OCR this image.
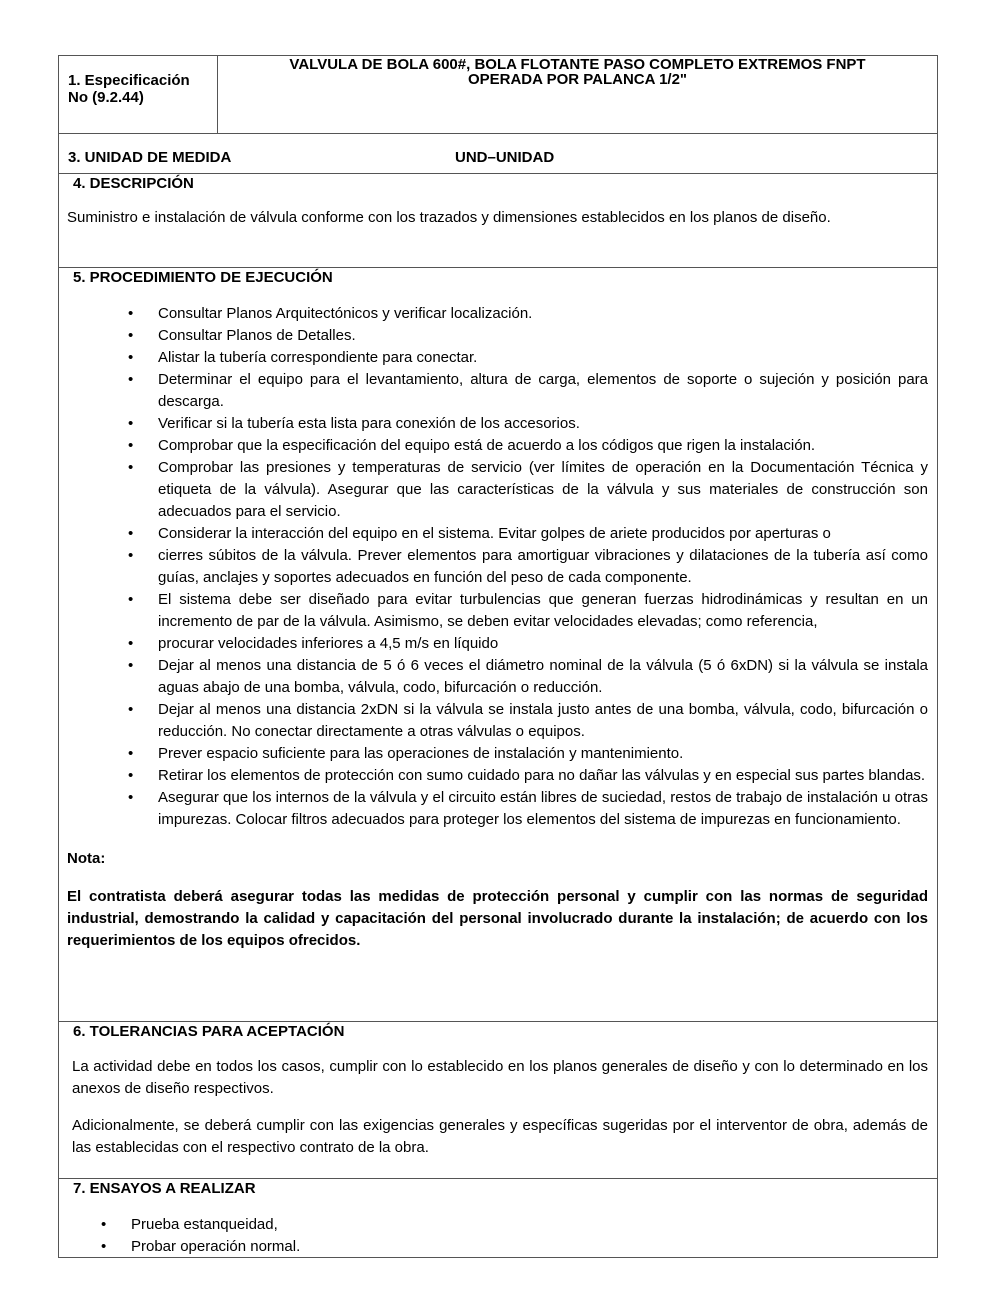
1. Especificación
No (9.2.44)
VALVULA DE BOLA 600#, BOLA FLOTANTE PASO COMPLETO EXTREMOS FNPT
OPERADA POR PALANCA 1/2"
3. UNIDAD DE MEDIDA	UND–UNIDAD
4. DESCRIPCIÓN
Suministro e instalación de válvula conforme con los trazados y dimensiones establecidos en los planos de diseño.
5. PROCEDIMIENTO DE EJECUCIÓN
• Consultar Planos Arquitectónicos y verificar localización.
• Consultar Planos de Detalles.
• Alistar la tubería correspondiente para conectar.
• Determinar el equipo para el levantamiento, altura de carga, elementos de soporte o sujeción y posición para descarga.
• Verificar si la tubería esta lista para conexión de los accesorios.
• Comprobar que la especificación del equipo está de acuerdo a los códigos que rigen la instalación.
• Comprobar las presiones y temperaturas de servicio (ver límites de operación en la Documentación Técnica y etiqueta de la válvula). Asegurar que las características de la válvula y sus materiales de construcción son adecuados para el servicio.
• Considerar la interacción del equipo en el sistema. Evitar golpes de ariete producidos por aperturas o
• cierres súbitos de la válvula. Prever elementos para amortiguar vibraciones y dilataciones de la tubería así como guías, anclajes y soportes adecuados en función del peso de cada componente.
• El sistema debe ser diseñado para evitar turbulencias que generan fuerzas hidrodinámicas y resultan en un incremento de par de la válvula. Asimismo, se deben evitar velocidades elevadas; como referencia,
• procurar velocidades inferiores a 4,5 m/s en líquido
• Dejar al menos una distancia de 5 ó 6 veces el diámetro nominal de la válvula (5 ó 6xDN) si la válvula se instala aguas abajo de una bomba, válvula, codo, bifurcación o reducción.
• Dejar al menos una distancia 2xDN si la válvula se instala justo antes de una bomba, válvula, codo, bifurcación o reducción. No conectar directamente a otras válvulas o equipos.
• Prever espacio suficiente para las operaciones de instalación y mantenimiento.
• Retirar los elementos de protección con sumo cuidado para no dañar las válvulas y en especial sus partes blandas.
• Asegurar que los internos de la válvula y el circuito están libres de suciedad, restos de trabajo de instalación u otras impurezas. Colocar filtros adecuados para proteger los elementos del sistema de impurezas en funcionamiento.
Nota:
El contratista deberá asegurar todas las medidas de protección personal y cumplir con las normas de seguridad industrial, demostrando la calidad y capacitación del personal involucrado durante la instalación; de acuerdo con los requerimientos de los equipos ofrecidos.
6. TOLERANCIAS PARA ACEPTACIÓN
La actividad debe en todos los casos, cumplir con lo establecido en los planos generales de diseño y con lo determinado en los anexos de diseño respectivos.
Adicionalmente, se deberá cumplir con las exigencias generales y específicas sugeridas por el interventor de obra, además de las establecidas con el respectivo contrato de la obra.
7. ENSAYOS A REALIZAR
• Prueba estanqueidad,
• Probar operación normal.
